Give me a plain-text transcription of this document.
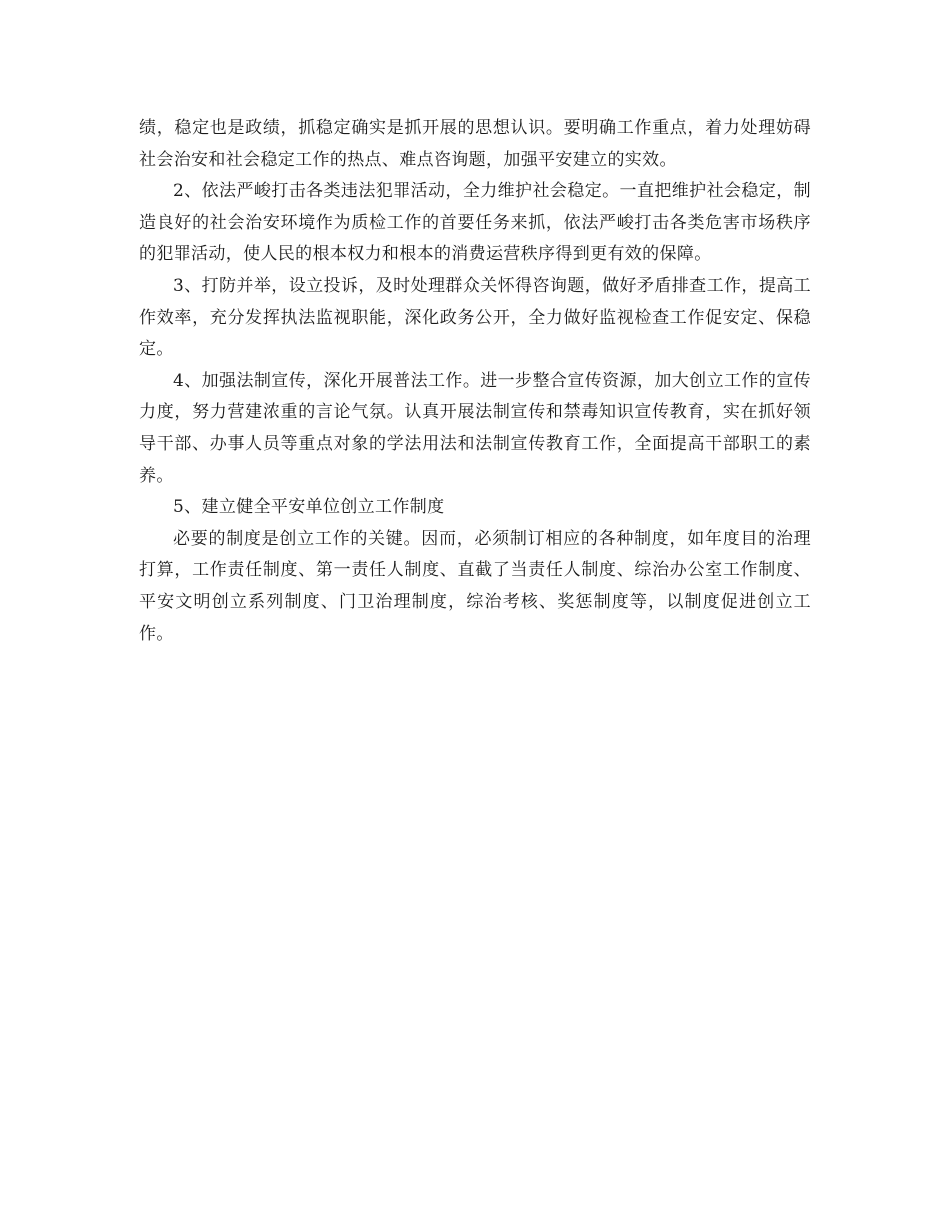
绩，稳定也是政绩，抓稳定确实是抓开展的思想认识。要明确工作重点，着力处理妨碍社会治安和社会稳定工作的热点、难点咨询题，加强平安建立的实效。

2、依法严峻打击各类违法犯罪活动，全力维护社会稳定。一直把维护社会稳定，制造良好的社会治安环境作为质检工作的首要任务来抓，依法严峻打击各类危害市场秩序的犯罪活动，使人民的根本权力和根本的消费运营秩序得到更有效的保障。

3、打防并举，设立投诉，及时处理群众关怀得咨询题，做好矛盾排查工作，提高工作效率，充分发挥执法监视职能，深化政务公开，全力做好监视检查工作促安定、保稳定。

4、加强法制宣传，深化开展普法工作。进一步整合宣传资源，加大创立工作的宣传力度，努力营建浓重的言论气氛。认真开展法制宣传和禁毒知识宣传教育，实在抓好领导干部、办事人员等重点对象的学法用法和法制宣传教育工作，全面提高干部职工的素养。

5、建立健全平安单位创立工作制度

必要的制度是创立工作的关键。因而，必须制订相应的各种制度，如年度目的治理打算，工作责任制度、第一责任人制度、直截了当责任人制度、综治办公室工作制度、平安文明创立系列制度、门卫治理制度，综治考核、奖惩制度等，以制度促进创立工作。
